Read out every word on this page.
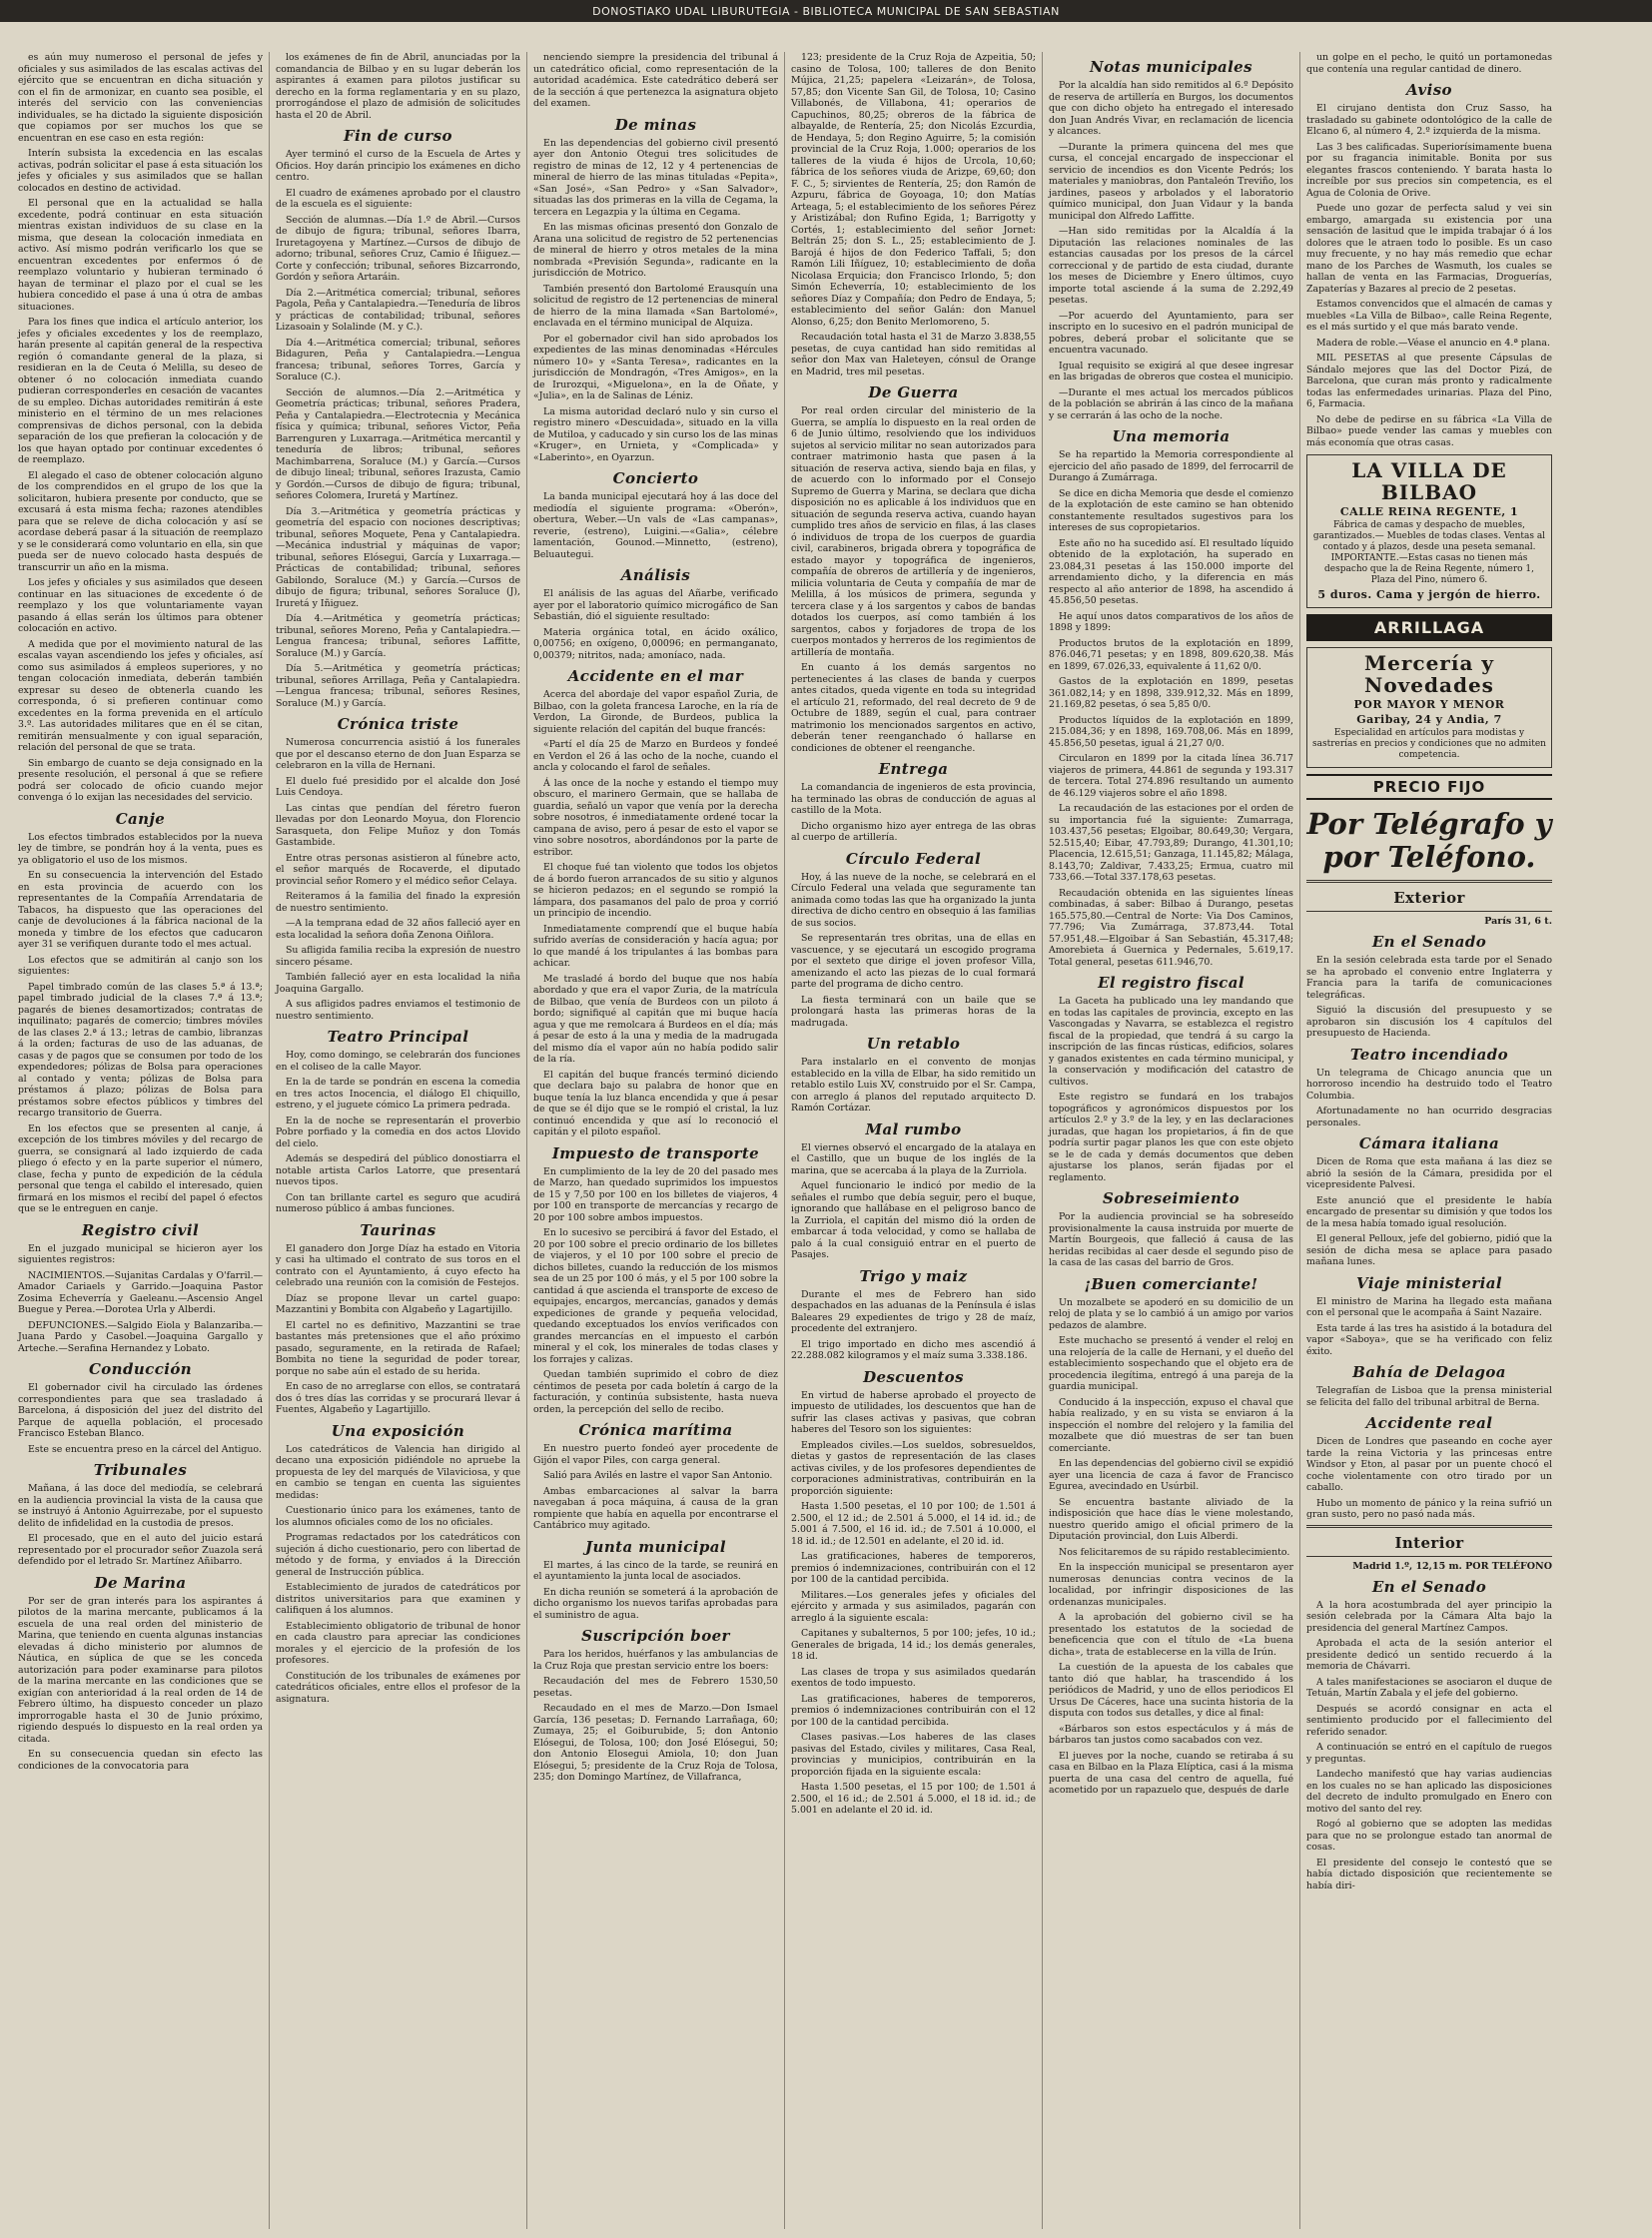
DONOSTIAKO UDAL LIBURUTEGIA - BIBLIOTECA MUNICIPAL DE SAN SEBASTIAN

es aún muy numeroso el personal de jefes y oficiales y sus asimilados de las escalas activas del ejército que se encuentran en dicha situación y con el fin de armonizar, en cuanto sea posible, el interés del servicio con las conveniencias individuales, se ha dictado la siguiente disposición que copiamos por ser muchos los que se encuentran en ese caso en esta región:

Interín subsista la excedencia en las escalas activas, podrán solicitar el pase á esta situación los jefes y oficiales y sus asimilados que se hallan colocados en destino de actividad.

El personal que en la actualidad se halla excedente, podrá continuar en esta situación mientras existan individuos de su clase en la misma, que desean la colocación inmediata en activo. Así mismo podrán verificarlo los que se encuentran excedentes por enfermos ó de reemplazo voluntario y hubieran terminado ó hayan de terminar el plazo por el cual se les hubiera concedido el pase á una ú otra de ambas situaciones.

Para los fines que indica el artículo anterior, los jefes y oficiales excedentes y los de reemplazo, harán presente al capitán general de la respectiva región ó comandante general de la plaza, si residieran en la de Ceuta ó Melilla, su deseo de obtener ó no colocación inmediata cuando pudieran corresponderles en cesación de vacantes de su empleo. Dichas autoridades remitirán á este ministerio en el término de un mes relaciones comprensivas de dichos personal, con la debida separación de los que prefieran la colocación y de los que hayan optado por continuar excedentes ó de reemplazo.

El alegado el caso de obtener colocación alguno de los comprendidos en el grupo de los que la solicitaron, hubiera presente por conducto, que se excusará á esta misma fecha; razones atendibles para que se releve de dicha colocación y así se acordase deberá pasar á la situación de reemplazo y se le considerará como voluntario en ella, sin que pueda ser de nuevo colocado hasta después de transcurrir un año en la misma.

Los jefes y oficiales y sus asimilados que deseen continuar en las situaciones de excedente ó de reemplazo y los que voluntariamente vayan pasando á ellas serán los últimos para obtener colocación en activo.

A medida que por el movimiento natural de las escalas vayan ascendiendo los jefes y oficiales, así como sus asimilados á empleos superiores, y no tengan colocación inmediata, deberán también expresar su deseo de obtenerla cuando les corresponda, ó si prefieren continuar como excedentes en la forma prevenida en el artículo 3.º. Las autoridades militares que en él se citan, remitirán mensualmente y con igual separación, relación del personal de que se trata.

Sin embargo de cuanto se deja consignado en la presente resolución, el personal á que se refiere podrá ser colocado de oficio cuando mejor convenga ó lo exijan las necesidades del servicio.

Canje

Los efectos timbrados establecidos por la nueva ley de timbre, se pondrán hoy á la venta, pues es ya obligatorio el uso de los mismos.

En su consecuencia la intervención del Estado en esta provincia de acuerdo con los representantes de la Compañía Arrendataria de Tabacos, ha dispuesto que las operaciones del canje de devoluciones á la fábrica nacional de la moneda y timbre de los efectos que caducaron ayer 31 se verifiquen durante todo el mes actual.

Los efectos que se admitirán al canjo son los siguientes:

Papel timbrado común de las clases 5.ª á 13.ª; papel timbrado judicial de la clases 7.ª á 13.ª; pagarés de bienes desamortizados; contratas de inquilinato; pagarés de comercio; timbres móviles de las clases 2.ª á 13.; letras de cambio, libranzas á la orden; facturas de uso de las aduanas, de casas y de pagos que se consumen por todo de los expendedores; pólizas de Bolsa para operaciones al contado y venta; pólizas de Bolsa para préstamos á plazo; pólizas de Bolsa para préstamos sobre efectos públicos y timbres del recargo transitorio de Guerra.

En los efectos que se presenten al canje, á excepción de los timbres móviles y del recargo de guerra, se consignará al lado izquierdo de cada pliego ó efecto y en la parte superior el número, clase, fecha y punto de expedición de la cédula personal que tenga el cabildo el interesado, quien firmará en los mismos el recibí del papel ó efectos que se le entreguen en canje.

Registro civil

En el juzgado municipal se hicieron ayer los siguientes registros:

NACIMIENTOS.—Sujanitas Cardalas y O'farril.—Amador Cariaels y Garrido.—Joaquina Pastor Zosima Echeverría y Gaeleanu.—Ascensio Angel Buegue y Perea.—Dorotea Urla y Alberdi.

DEFUNCIONES.—Salgido Eiola y Balanzariba.—Juana Pardo y Casobel.—Joaquina Gargallo y Arteche.—Serafina Hernandez y Lobato.

Conducción

El gobernador civil ha circulado las órdenes correspondientes para que sea trasladado á Barcelona, á disposición del juez del distrito del Parque de aquella población, el procesado Francisco Esteban Blanco.

Este se encuentra preso en la cárcel del Antiguo.

Tribunales

Mañana, á las doce del mediodía, se celebrará en la audiencia provincial la vista de la causa que se instruyó á Antonio Aguirrezabe, por el supuesto delito de infidelidad en la custodia de presos.

El procesado, que en el auto del juicio estará representado por el procurador señor Zuazola será defendido por el letrado Sr. Martínez Añibarro.

De Marina

Por ser de gran interés para los aspirantes á pilotos de la marina mercante, publicamos á la escuela de una real orden del ministerio de Marina, que teniendo en cuenta algunas instancias elevadas á dicho ministerio por alumnos de Náutica, en súplica de que se les conceda autorización para poder examinarse para pilotos de la marina mercante en las condiciones que se exigían con anterioridad á la real orden de 14 de Febrero último, ha dispuesto conceder un plazo improrrogable hasta el 30 de Junio próximo, rigiendo después lo dispuesto en la real orden ya citada.

En su consecuencia quedan sin efecto las condiciones de la convocatoria para

los exámenes de fin de Abril, anunciadas por la comandancia de Bilbao y en su lugar deberán los aspirantes á examen para pilotos justificar su derecho en la forma reglamentaria y en su plazo, prorrogándose el plazo de admisión de solicitudes hasta el 20 de Abril.

Fin de curso

Ayer terminó el curso de la Escuela de Artes y Oficios. Hoy darán principio los exámenes en dicho centro.

El cuadro de exámenes aprobado por el claustro de la escuela es el siguiente:

Sección de alumnas.—Día 1.º de Abril.—Cursos de dibujo de figura; tribunal, señores Ibarra, Iruretagoyena y Martínez.—Cursos de dibujo de adorno; tribunal, señores Cruz, Camio é Iñiguez.—Corte y confección; tribunal, señores Bizcarrondo, Gordón y señora Artaráin.

Día 2.—Aritmética comercial; tribunal, señores Pagola, Peña y Cantalapiedra.—Teneduría de libros y prácticas de contabilidad; tribunal, señores Lizasoain y Solalinde (M. y C.).

Día 4.—Aritmética comercial; tribunal, señores Bidaguren, Peña y Cantalapiedra.—Lengua francesa; tribunal, señores Torres, García y Soraluce (C.).

Sección de alumnos.—Día 2.—Aritmética y Geometría prácticas; tribunal, señores Pradera, Peña y Cantalapiedra.—Electrotecnia y Mecánica física y química; tribunal, señores Victor, Peña Barrenguren y Luxarraga.—Aritmética mercantil y teneduría de libros; tribunal, señores Machimbarrena, Soraluce (M.) y García.—Cursos de dibujo lineal; tribunal, señores Irazusta, Camio y Gordón.—Cursos de dibujo de figura; tribunal, señores Colomera, Iruretá y Martínez.

Día 3.—Aritmética y geometría prácticas y geometría del espacio con nociones descriptivas; tribunal, señores Moquete, Pena y Cantalapiedra.—Mecánica industrial y máquinas de vapor; tribunal, señores Elósegui, García y Luxarraga.—Prácticas de contabilidad; tribunal, señores Gabilondo, Soraluce (M.) y García.—Cursos de dibujo de figura; tribunal, señores Soraluce (J), Iruretá y Iñiguez.

Día 4.—Aritmética y geometría prácticas; tribunal, señores Moreno, Peña y Cantalapiedra.—Lengua francesa; tribunal, señores Laffitte, Soraluce (M.) y García.

Día 5.—Aritmética y geometría prácticas; tribunal, señores Arrillaga, Peña y Cantalapiedra.—Lengua francesa; tribunal, señores Resines, Soraluce (M.) y García.

Crónica triste

Numerosa concurrencia asistió á los funerales que por el descanso eterno de don Juan Esparza se celebraron en la villa de Hernani.

El duelo fué presidido por el alcalde don José Luis Cendoya.

Las cintas que pendían del féretro fueron llevadas por don Leonardo Moyua, don Florencio Sarasqueta, don Felipe Muñoz y don Tomás Gastambide.

Entre otras personas asistieron al fúnebre acto, el señor marqués de Rocaverde, el diputado provincial señor Romero y el médico señor Celaya.

Reiteramos á la familia del finado la expresión de nuestro sentimiento.

—A la temprana edad de 32 años falleció ayer en esta localidad la señora doña Zenona Oiñlora.

Su afligida familia reciba la expresión de nuestro sincero pésame.

También falleció ayer en esta localidad la niña Joaquina Gargallo.

A sus afligidos padres enviamos el testimonio de nuestro sentimiento.

Teatro Principal

Hoy, como domingo, se celebrarán dos funciones en el coliseo de la calle Mayor.

En la de tarde se pondrán en escena la comedia en tres actos Inocencia, el diálogo El chiquillo, estreno, y el juguete cómico La primera pedrada.

En la de noche se representarán el proverbio Pobre porfiado y la comedia en dos actos Llovido del cielo.

Además se despedirá del público donostiarra el notable artista Carlos Latorre, que presentará nuevos tipos.

Con tan brillante cartel es seguro que acudirá numeroso público á ambas funciones.

Taurinas

El ganadero don Jorge Díaz ha estado en Vitoria y casi ha ultimado el contrato de sus toros en el contrato con el Ayuntamiento, á cuyo efecto ha celebrado una reunión con la comisión de Festejos.

Díaz se propone llevar un cartel guapo: Mazzantini y Bombita con Algabeño y Lagartijillo.

El cartel no es definitivo, Mazzantini se trae bastantes más pretensiones que el año próximo pasado, seguramente, en la retirada de Rafael; Bombita no tiene la seguridad de poder torear, porque no sabe aún el estado de su herida.

En caso de no arreglarse con ellos, se contratará dos ó tres días las corridas y se procurará llevar á Fuentes, Algabeño y Lagartijillo.

Una exposición

Los catedráticos de Valencia han dirigido al decano una exposición pidiéndole no apruebe la propuesta de ley del marqués de Vilaviciosa, y que en cambio se tengan en cuenta las siguientes medidas:

Cuestionario único para los exámenes, tanto de los alumnos oficiales como de los no oficiales.

Programas redactados por los catedráticos con sujeción á dicho cuestionario, pero con libertad de método y de forma, y enviados á la Dirección general de Instrucción pública.

Establecimiento de jurados de catedráticos por distritos universitarios para que examinen y califiquen á los alumnos.

Establecimiento obligatorio de tribunal de honor en cada claustro para apreciar las condiciones morales y el ejercicio de la profesión de los profesores.

Constitución de los tribunales de exámenes por catedráticos oficiales, entre ellos el profesor de la asignatura.

nenciendo siempre la presidencia del tribunal á un catedrático oficial, como representación de la autoridad académica. Este catedrático deberá ser de la sección á que pertenezca la asignatura objeto del examen.

De minas

En las dependencias del gobierno civil presentó ayer don Antonio Otegui tres solicitudes de registro de minas de 12, 12 y 4 pertenencias de mineral de hierro de las minas tituladas «Pepita», «San José», «San Pedro» y «San Salvador», situadas las dos primeras en la villa de Cegama, la tercera en Legazpia y la última en Cegama.

En las mismas oficinas presentó don Gonzalo de Arana una solicitud de registro de 52 pertenencias de mineral de hierro y otros metales de la mina nombrada «Previsión Segunda», radicante en la jurisdicción de Motrico.

También presentó don Bartolomé Erausquín una solicitud de registro de 12 pertenencias de mineral de hierro de la mina llamada «San Bartolomé», enclavada en el término municipal de Alquiza.

Por el gobernador civil han sido aprobados los expedientes de las minas denominadas «Hércules número 10» y «Santa Teresa», radicantes en la jurisdicción de Mondragón, «Tres Amigos», en la de Irurozqui, «Miguelona», en la de Oñate, y «Julia», en la de Salinas de Léniz.

La misma autoridad declaró nulo y sin curso el registro minero «Descuidada», situado en la villa de Mutiloa, y caducado y sin curso los de las minas «Kruger», en Urnieta, y «Complicada» y «Laberinto», en Oyarzun.

Concierto

La banda municipal ejecutará hoy á las doce del mediodía el siguiente programa: «Oberón», obertura, Weber.—Un vals de «Las campanas», reverie, (estreno), Luigini.—«Galia», célebre lamentación, Gounod.—Minnetto, (estreno), Beluautegui.

Análisis

El análisis de las aguas del Añarbe, verificado ayer por el laboratorio químico microgáfico de San Sebastián, dió el siguiente resultado:

Materia orgánica total, en ácido oxálico, 0,00756; en oxígeno, 0,00096; en permanganato, 0,00379; nitritos, nada; amoníaco, nada.

Accidente en el mar

Acerca del abordaje del vapor español Zuria, de Bilbao, con la goleta francesa Laroche, en la ría de Verdon, La Gironde, de Burdeos, publica la siguiente relación del capitán del buque francés:

«Partí el día 25 de Marzo en Burdeos y fondeé en Verdon el 26 á las ocho de la noche, cuando el ancla y colocando el farol de señales.

Á las once de la noche y estando el tiempo muy obscuro, el marinero Germain, que se hallaba de guardia, señaló un vapor que venía por la derecha sobre nosotros, é inmediatamente ordené tocar la campana de aviso, pero á pesar de esto el vapor se vino sobre nosotros, abordándonos por la parte de estribor.

El choque fué tan violento que todos los objetos de á bordo fueron arrancados de su sitio y algunos se hicieron pedazos; en el segundo se rompió la lámpara, dos pasamanos del palo de proa y corrió un principio de incendio.

Inmediatamente comprendí que el buque había sufrido averías de consideración y hacía agua; por lo que mandé á los tripulantes á las bombas para achicar.

Me trasladé á bordo del buque que nos había abordado y que era el vapor Zuria, de la matrícula de Bilbao, que venía de Burdeos con un piloto á bordo; signifiqué al capitán que mi buque hacía agua y que me remolcara á Burdeos en el día; más á pesar de esto á la una y media de la madrugada del mismo día el vapor aún no había podido salir de la ría.

El capitán del buque francés terminó diciendo que declara bajo su palabra de honor que en buque tenía la luz blanca encendida y que á pesar de que se él dijo que se le rompió el cristal, la luz continuó encendida y que así lo reconoció el capitán y el piloto español.

Impuesto de transporte

En cumplimiento de la ley de 20 del pasado mes de Marzo, han quedado suprimidos los impuestos de 15 y 7,50 por 100 en los billetes de viajeros, 4 por 100 en transporte de mercancías y recargo de 20 por 100 sobre ambos impuestos.

En lo sucesivo se percibirá á favor del Estado, el 20 por 100 sobre el precio ordinario de los billetes de viajeros, y el 10 por 100 sobre el precio de dichos billetes, cuando la reducción de los mismos sea de un 25 por 100 ó más, y el 5 por 100 sobre la cantidad á que ascienda el transporte de exceso de equipajes, encargos, mercancías, ganados y demás expediciones de grande y pequeña velocidad, quedando exceptuados los envíos verificados con grandes mercancías en el impuesto el carbón mineral y el cok, los minerales de todas clases y los forrajes y calizas.

Quedan también suprimido el cobro de diez céntimos de peseta por cada boletín á cargo de la facturación, y continúa subsistente, hasta nueva orden, la percepción del sello de recibo.

Crónica marítima

En nuestro puerto fondeó ayer procedente de Gijón el vapor Piles, con carga general.

Salió para Avilés en lastre el vapor San Antonio.

Ambas embarcaciones al salvar la barra navegaban á poca máquina, á causa de la gran rompiente que había en aquella por encontrarse el Cantábrico muy agitado.

Junta municipal

El martes, á las cinco de la tarde, se reunirá en el ayuntamiento la junta local de asociados.

En dicha reunión se someterá á la aprobación de dicho organismo los nuevos tarifas aprobadas para el suministro de agua.

Suscripción boer

Para los heridos, huérfanos y las ambulancias de la Cruz Roja que prestan servicio entre los boers:

Recaudación del mes de Febrero 1530,50 pesetas.

Recaudado en el mes de Marzo.—Don Ismael García, 136 pesetas; D. Fernando Larrañaga, 60; Zumaya, 25; el Goiburubide, 5; don Antonio Elósegui, de Tolosa, 100; don José Elósegui, 50; don Antonio Elosegui Amiola, 10; don Juan Elósegui, 5; presidente de la Cruz Roja de Tolosa, 235; don Domingo Martínez, de Villafranca,

123; presidente de la Cruz Roja de Azpeitia, 50; casino de Tolosa, 100; talleres de don Benito Mújica, 21,25; papelera «Leizarán», de Tolosa, 57,85; don Vicente San Gil, de Tolosa, 10; Casino Villabonés, de Villabona, 41; operarios de Capuchinos, 80,25; obreros de la fábrica de albayalde, de Rentería, 25; don Nicolás Ezcurdia, de Hendaya, 5; don Regino Aguirre, 5; la comisión provincial de la Cruz Roja, 1.000; operarios de los talleres de la viuda é hijos de Urcola, 10,60; fábrica de los señores viuda de Arizpe, 69,60; don F. C., 5; sirvientes de Rentería, 25; don Ramón de Azpuru, fábrica de Goyoaga, 10; don Matías Arteaga, 5; el establecimiento de los señores Pérez y Aristizábal; don Rufino Egida, 1; Barrigotty y Cortés, 1; establecimiento del señor Jornet: Beltrán 25; don S. L., 25; establecimiento de J. Barojá é hijos de don Federico Taffali, 5; don Ramón Lili Iñíguez, 10; establecimiento de doña Nicolasa Erquicia; don Francisco Irlondo, 5; don Simón Echeverría, 10; establecimiento de los señores Díaz y Compañía; don Pedro de Endaya, 5; establecimiento del señor Galán: don Manuel Alonso, 6,25; don Benito Merlomoreno, 5.

Recaudación total hasta el 31 de Marzo 3.838,55 pesetas, de cuya cantidad han sido remitidas al señor don Max van Haleteyen, cónsul de Orange en Madrid, tres mil pesetas.

De Guerra

Por real orden circular del ministerio de la Guerra, se amplía lo dispuesto en la real orden de 6 de Junio último, resolviendo que los individuos sujetos al servicio militar no sean autorizados para contraer matrimonio hasta que pasen á la situación de reserva activa, siendo baja en filas, y de acuerdo con lo informado por el Consejo Supremo de Guerra y Marina, se declara que dicha disposición no es aplicable á los individuos que en situación de segunda reserva activa, cuando hayan cumplido tres años de servicio en filas, á las clases ó individuos de tropa de los cuerpos de guardia civil, carabineros, brigada obrera y topográfica de estado mayor y topográfica de ingenieros, compañía de obreros de artillería y de ingenieros, milicia voluntaria de Ceuta y compañía de mar de Melilla, á los músicos de primera, segunda y tercera clase y á los sargentos y cabos de bandas dotados los cuerpos, así como también á los sargentos, cabos y forjadores de tropa de los cuerpos montados y herreros de los regimientos de artillería de montaña.

En cuanto á los demás sargentos no pertenecientes á las clases de banda y cuerpos antes citados, queda vigente en toda su integridad el artículo 21, reformado, del real decreto de 9 de Octubre de 1889, según el cual, para contraer matrimonio los mencionados sargentos en activo, deberán tener reenganchado ó hallarse en condiciones de obtener el reenganche.

Entrega

La comandancia de ingenieros de esta provincia, ha terminado las obras de conducción de aguas al castillo de la Mota.

Dicho organismo hizo ayer entrega de las obras al cuerpo de artillería.

Círculo Federal

Hoy, á las nueve de la noche, se celebrará en el Círculo Federal una velada que seguramente tan animada como todas las que ha organizado la junta directiva de dicho centro en obsequio á las familias de sus socios.

Se representarán tres obritas, una de ellas en vascuence, y se ejecutará un escogido programa por el sexteto que dirige el joven profesor Villa, amenizando el acto las piezas de lo cual formará parte del programa de dicho centro.

La fiesta terminará con un baile que se prolongará hasta las primeras horas de la madrugada.

Un retablo

Para instalarlo en el convento de monjas establecido en la villa de Elbar, ha sido remitido un retablo estilo Luis XV, construido por el Sr. Campa, con arreglo á planos del reputado arquitecto D. Ramón Cortázar.

Mal rumbo

El viernes observó el encargado de la atalaya en el Castillo, que un buque de los inglés de la marina, que se acercaba á la playa de la Zurriola.

Aquel funcionario le indicó por medio de la señales el rumbo que debía seguir, pero el buque, ignorando que hallábase en el peligroso banco de la Zurriola, el capitán del mismo dió la orden de embarcar á toda velocidad, y como se hallaba de palo á la cual consiguió entrar en el puerto de Pasajes.

Trigo y maiz

Durante el mes de Febrero han sido despachados en las aduanas de la Península é islas Baleares 29 expedientes de trigo y 28 de maíz, procedente del extranjero.

El trigo importado en dicho mes ascendió á 22.288.082 kilogramos y el maíz suma 3.338.186.

Descuentos

En virtud de haberse aprobado el proyecto de impuesto de utilidades, los descuentos que han de sufrir las clases activas y pasivas, que cobran haberes del Tesoro son los siguientes:

Empleados civiles.—Los sueldos, sobresueldos, dietas y gastos de representación de las clases activas civiles, y de los profesores dependientes de corporaciones administrativas, contribuirán en la proporción siguiente:

Hasta 1.500 pesetas, el 10 por 100; de 1.501 á 2.500, el 12 id.; de 2.501 á 5.000, el 14 id. id.; de 5.001 á 7.500, el 16 id. id.; de 7.501 á 10.000, el 18 id. id.; de 12.501 en adelante, el 20 id. id.

Las gratificaciones, haberes de temporeros, premios ó indemnizaciones, contribuirán con el 12 por 100 de la cantidad percibida.

Militares.—Los generales jefes y oficiales del ejército y armada y sus asimilados, pagarán con arreglo á la siguiente escala:

Capitanes y subalternos, 5 por 100; jefes, 10 id.; Generales de brigada, 14 id.; los demás generales, 18 id.

Las clases de tropa y sus asimilados quedarán exentos de todo impuesto.

Las gratificaciones, haberes de temporeros, premios ó indemnizaciones contribuirán con el 12 por 100 de la cantidad percibida.

Clases pasivas.—Los haberes de las clases pasivas del Estado, civiles y militares, Casa Real, provincias y municipios, contribuirán en la proporción fijada en la siguiente escala:

Hasta 1.500 pesetas, el 15 por 100; de 1.501 á 2.500, el 16 id.; de 2.501 á 5.000, el 18 id. id.; de 5.001 en adelante el 20 id. id.

Notas municipales

Por la alcaldía han sido remitidos al 6.º Depósito de reserva de artillería en Burgos, los documentos que con dicho objeto ha entregado el interesado don Juan Andrés Vivar, en reclamación de licencia y alcances.

—Durante la primera quincena del mes que cursa, el concejal encargado de inspeccionar el servicio de incendios es don Vicente Pedrós; los materiales y maniobras, don Pantaleón Treviño, los jardines, paseos y arbolados y el laboratorio químico municipal, don Juan Vidaur y la banda municipal don Alfredo Laffitte.

—Han sido remitidas por la Alcaldía á la Diputación las relaciones nominales de las estancias causadas por los presos de la cárcel correccional y de partido de esta ciudad, durante los meses de Diciembre y Enero últimos, cuyo importe total asciende á la suma de 2.292,49 pesetas.

—Por acuerdo del Ayuntamiento, para ser inscripto en lo sucesivo en el padrón municipal de pobres, deberá probar el solicitante que se encuentra vacunado.

Igual requisito se exigirá al que desee ingresar en las brigadas de obreros que costea el municipio.

—Durante el mes actual los mercados públicos de la población se abrirán á las cinco de la mañana y se cerrarán á las ocho de la noche.

Una memoria

Se ha repartido la Memoria correspondiente al ejercicio del año pasado de 1899, del ferrocarril de Durango á Zumárraga.

Se dice en dicha Memoria que desde el comienzo de la explotación de este camino se han obtenido constantemente resultados sugestivos para los intereses de sus copropietarios.

Este año no ha sucedido así. El resultado líquido obtenido de la explotación, ha superado en 23.084,31 pesetas á las 150.000 importe del arrendamiento dicho, y la diferencia en más respecto al año anterior de 1898, ha ascendido á 45.856,50 pesetas.

He aquí unos datos comparativos de los años de 1898 y 1899:

Productos brutos de la explotación en 1899, 876.046,71 pesetas; y en 1898, 809.620,38. Más en 1899, 67.026,33, equivalente á 11,62 0/0.

Gastos de la explotación en 1899, pesetas 361.082,14; y en 1898, 339.912,32. Más en 1899, 21.169,82 pesetas, ó sea 5,85 0/0.

Productos líquidos de la explotación en 1899, 215.084,36; y en 1898, 169.708,06. Más en 1899, 45.856,50 pesetas, igual á 21,27 0/0.

Circularon en 1899 por la citada línea 36.717 viajeros de primera, 44.861 de segunda y 193.317 de tercera. Total 274.896 resultando un aumento de 46.129 viajeros sobre el año 1898.

La recaudación de las estaciones por el orden de su importancia fué la siguiente: Zumarraga, 103.437,56 pesetas; Elgoibar, 80.649,30; Vergara, 52.515,40; Eibar, 47.793,89; Durango, 41.301,10; Placencia, 12.615,51; Ganzaga, 11.145,82; Málaga, 8.143,70; Zaldivar, 7.433,25; Ermua, cuatro mil 733,66.—Total 337.178,63 pesetas.

Recaudación obtenida en las siguientes líneas combinadas, á saber: Bilbao á Durango, pesetas 165.575,80.—Central de Norte: Via Dos Caminos, 77.796; Via Zumárraga, 37.873,44. Total 57.951,48.—Elgoibar á San Sebastián, 45.317,48; Amorebieta á Guernica y Pedernales, 5.619,17. Total general, pesetas 611.946,70.

El registro fiscal

La Gaceta ha publicado una ley mandando que en todas las capitales de provincia, excepto en las Vascongadas y Navarra, se establezca el registro fiscal de la propiedad, que tendrá á su cargo la inscripción de las fincas rústicas, edificios, solares y ganados existentes en cada término municipal, y la conservación y modificación del catastro de cultivos.

Este registro se fundará en los trabajos topográficos y agronómicos dispuestos por los artículos 2.º y 3.º de la ley, y en las declaraciones juradas, que hagan los propietarios, á fin de que podría surtir pagar planos les que con este objeto se le de cada y demás documentos que deben ajustarse los planos, serán fijadas por el reglamento.

Sobreseimiento

Por la audiencia provincial se ha sobreseído provisionalmente la causa instruida por muerte de Martín Bourgeois, que falleció á causa de las heridas recibidas al caer desde el segundo piso de la casa de las casas del barrio de Gros.

¡Buen comerciante!

Un mozalbete se apoderó en su domicilio de un reloj de plata y se lo cambió á un amigo por varios pedazos de alambre.

Este muchacho se presentó á vender el reloj en una relojería de la calle de Hernani, y el dueño del establecimiento sospechando que el objeto era de procedencia ilegítima, entregó á una pareja de la guardia municipal.

Conducido á la inspección, expuso el chaval que había realizado, y en su vista se enviaron á la inspección el nombre del relojero y la familia del mozalbete que dió muestras de ser tan buen comerciante.

En las dependencias del gobierno civil se expidió ayer una licencia de caza á favor de Francisco Egurea, avecindado en Usúrbil.

Se encuentra bastante aliviado de la indisposición que hace días le viene molestando, nuestro querido amigo el oficial primero de la Diputación provincial, don Luis Alberdi.

Nos felicitaremos de su rápido restablecimiento.

En la inspección municipal se presentaron ayer numerosas denuncias contra vecinos de la localidad, por infringir disposiciones de las ordenanzas municipales.

A la aprobación del gobierno civil se ha presentado los estatutos de la sociedad de beneficencia que con el título de «La buena dicha», trata de establecerse en la villa de Irún.

La cuestión de la apuesta de los cabales que tanto dió que hablar, ha trascendido á los periódicos de Madrid, y uno de ellos periodicos El Ursus De Cáceres, hace una sucinta historia de la disputa con todos sus detalles, y dice al final:

«Bárbaros son estos espectáculos y á más de bárbaros tan justos como sacabados con vez.

El jueves por la noche, cuando se retiraba á su casa en Bilbao en la Plaza Elíptica, casi á la misma puerta de una casa del centro de aquella, fué acometido por un rapazuelo que, después de darle

un golpe en el pecho, le quitó un portamonedas que contenía una regular cantidad de dinero.

Aviso

El cirujano dentista don Cruz Sasso, ha trasladado su gabinete odontológico de la calle de Elcano 6, al número 4, 2.º izquierda de la misma.

Las 3 bes calificadas. Superiorísimamente buena por su fragancia inimitable. Bonita por sus elegantes frascos conteniendo. Y barata hasta lo increíble por sus precios sin competencia, es el Agua de Colonia de Orive.

Puede uno gozar de perfecta salud y vei sin embargo, amargada su existencia por una sensación de lasitud que le impida trabajar ó á los dolores que le atraen todo lo posible. Es un caso muy frecuente, y no hay más remedio que echar mano de los Parches de Wasmuth, los cuales se hallan de venta en las Farmacias, Droguerías, Zapaterías y Bazares al precio de 2 pesetas.

Estamos convencidos que el almacén de camas y muebles «La Villa de Bilbao», calle Reina Regente, es el más surtido y el que más barato vende.

Madera de roble.—Véase el anuncio en 4.ª plana.

MIL PESETAS al que presente Cápsulas de Sándalo mejores que las del Doctor Pizá, de Barcelona, que curan más pronto y radicalmente todas las enfermedades urinarias. Plaza del Pino, 6, Farmacia.

No debe de pedirse en su fábrica «La Villa de Bilbao» puede vender las camas y muebles con más economía que otras casas.

LA VILLA DE BILBAO
CALLE REINA REGENTE, 1
Fábrica de camas y despacho de muebles, garantizados.— Muebles de todas clases. Ventas al contado y á plazos, desde una peseta semanal. IMPORTANTE.—Estas casas no tienen más despacho que la de Reina Regente, número 1, Plaza del Pino, número 6.
5 duros. Cama y jergón de hierro.
ARRILLAGA
Mercería y Novedades
POR MAYOR Y MENOR
Garibay, 24 y Andia, 7
Especialidad en artículos para modistas y sastrerías en precios y condiciones que no admiten competencia.
PRECIO FIJO
Por Telégrafo y por Teléfono.
Exterior
París 31, 6 t.
En el Senado

En la sesión celebrada esta tarde por el Senado se ha aprobado el convenio entre Inglaterra y Francia para la tarifa de comunicaciones telegráficas.

Siguió la discusión del presupuesto y se aprobaron sin discusión los 4 capítulos del presupuesto de Hacienda.

Teatro incendiado

Un telegrama de Chicago anuncia que un horroroso incendio ha destruido todo el Teatro Columbia.

Afortunadamente no han ocurrido desgracias personales.

Cámara italiana

Dicen de Roma que esta mañana á las diez se abrió la sesión de la Cámara, presidida por el vicepresidente Palvesi.

Este anunció que el presidente le había encargado de presentar su dimisión y que todos los de la mesa había tomado igual resolución.

El general Pelloux, jefe del gobierno, pidió que la sesión de dicha mesa se aplace para pasado mañana lunes.

Viaje ministerial

El ministro de Marina ha llegado esta mañana con el personal que le acompaña á Saint Nazaire.

Esta tarde á las tres ha asistido á la botadura del vapor «Saboya», que se ha verificado con feliz éxito.

Bahía de Delagoa

Telegrafían de Lisboa que la prensa ministerial se felicita del fallo del tribunal arbitral de Berna.

Accidente real

Dicen de Londres que paseando en coche ayer tarde la reina Victoria y las princesas entre Windsor y Eton, al pasar por un puente chocó el coche violentamente con otro tirado por un caballo.

Hubo un momento de pánico y la reina sufrió un gran susto, pero no pasó nada más.

Interior
Madrid 1.º, 12,15 m. POR TELÉFONO
En el Senado

A la hora acostumbrada del ayer principio la sesión celebrada por la Cámara Alta bajo la presidencia del general Martínez Campos.

Aprobada el acta de la sesión anterior el presidente dedicó un sentido recuerdo á la memoria de Chávarri.

A tales manifestaciones se asociaron el duque de Tetuán, Martín Zabala y el jefe del gobierno.

Después se acordó consignar en acta el sentimiento producido por el fallecimiento del referido senador.

A continuación se entró en el capítulo de ruegos y preguntas.

Landecho manifestó que hay varias audiencias en los cuales no se han aplicado las disposiciones del decreto de indulto promulgado en Enero con motivo del santo del rey.

Rogó al gobierno que se adopten las medidas para que no se prolongue estado tan anormal de cosas.

El presidente del consejo le contestó que se había dictado disposición que recientemente se había diri-
